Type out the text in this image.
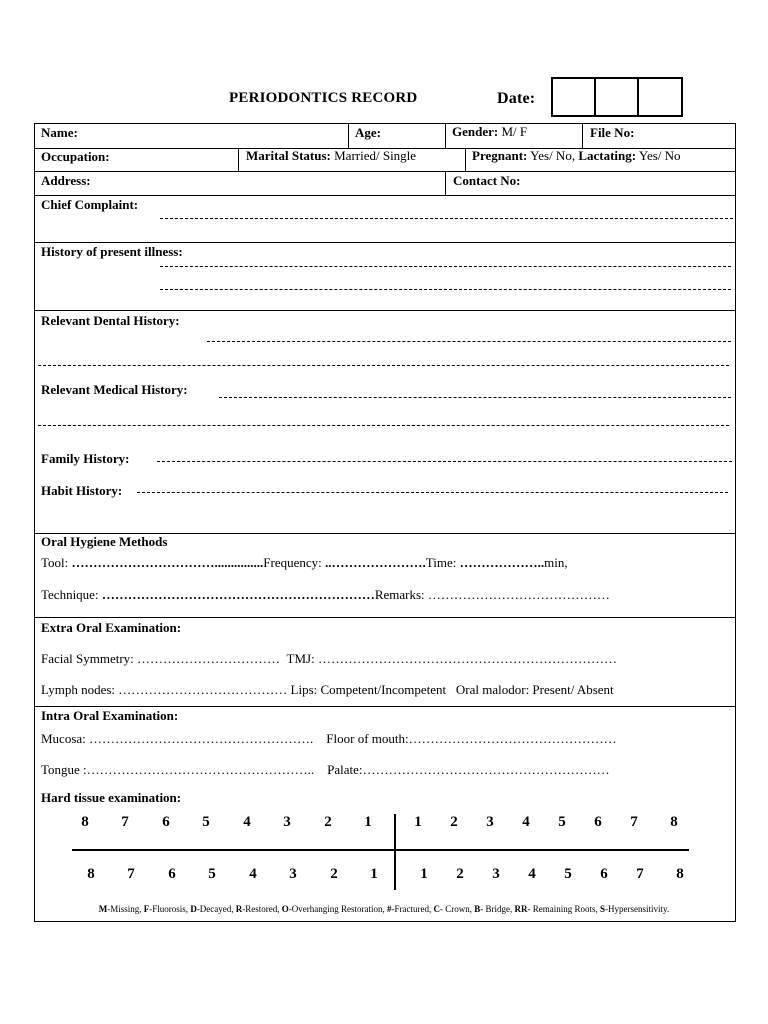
PERIODONTICS RECORD	Date:
Name:	Age:	Gender: M/ F	File No:
Occupation:	Marital Status: Married/ Single	Pregnant: Yes/ No, Lactating: Yes/ No
Address:	Contact No:
Chief Complaint:
History of present illness:
Relevant Dental History:
Relevant Medical History:
Family History:
Habit History:
Oral Hygiene Methods
Tool: ……………………………...............Frequency: ..………………….Time: ………………..min,
Technique: ………………………………………………………Remarks: ……………………………………
Extra Oral Examination:
Facial Symmetry: …………………………… TMJ: ……………………………………………………………
Lymph nodes: ………………………………… Lips: Competent/Incompetent Oral malodor: Present/ Absent
Intra Oral Examination:
Mucosa: ……………………………………………. Floor of mouth:…………………………………………
Tongue :…………………………………………….. Palate:…………………………………………………
Hard tissue examination:
8	7	6	5	4	3	2	1	1	2	3	4	5	6	7	8
8	7	6	5	4	3	2	1	1	2	3	4	5	6	7	8
M-Missing, F-Fluorosis, D-Decayed, R-Restored, O-Overhanging Restoration, #-Fractured, C- Crown, B- Bridge, RR- Remaining Roots, S-Hypersensitivity.
